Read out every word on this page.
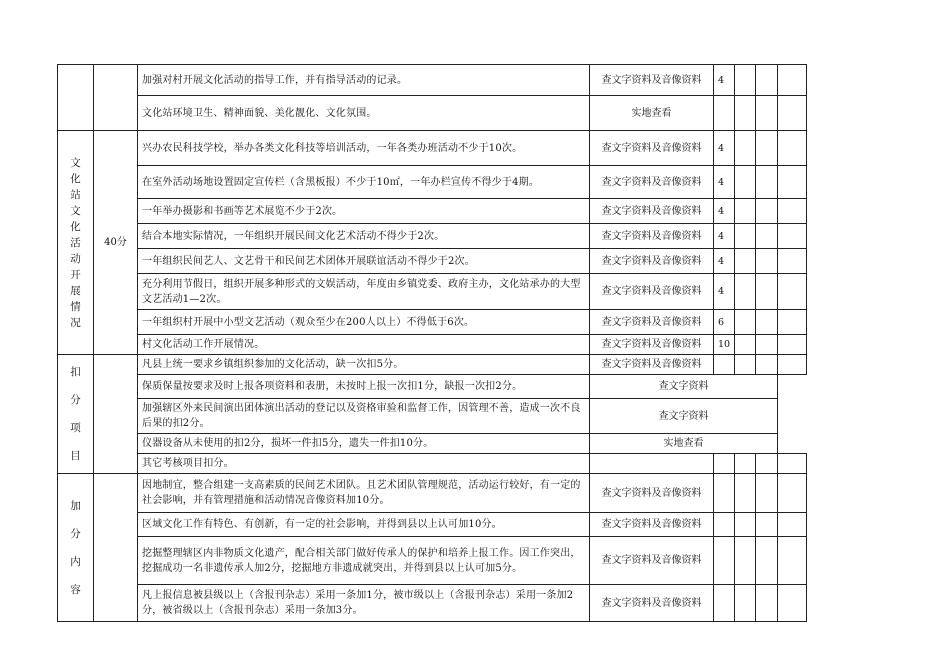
		加强对村开展文化活动的指导工作，并有指导活动的记录。	查文字资料及音像资料	4			
		文化站环境卫生、精神面貌、美化靓化、文化氛围。	实地查看				

文化站文化活动开展情况	40分	兴办农民科技学校，举办各类文化科技等培训活动，一年各类办班活动不少于10次。	查文字资料及音像资料	4			
		在室外活动场地设置固定宣传栏（含黑板报）不少于10㎡，一年办栏宣传不得少于4期。	查文字资料及音像资料	4			
		一年举办摄影和书画等艺术展览不少于2次。	查文字资料及音像资料	4			
		结合本地实际情况，一年组织开展民间文化艺术活动不得少于2次。	查文字资料及音像资料	4			
		一年组织民间艺人、文艺骨干和民间艺术团体开展联谊活动不得少于2次。	查文字资料及音像资料	4			
		充分利用节假日，组织开展多种形式的文娱活动，年度由乡镇党委、政府主办，文化站承办的大型文艺活动1—2次。	查文字资料及音像资料	4			
		一年组织村开展中小型文艺活动（观众至少在200人以上）不得低于6次。	查文字资料及音像资料	6			
		村文化活动工作开展情况。	查文字资料及音像资料	10			

扣分项目		凡县上统一要求乡镇组织参加的文化活动，缺一次扣5分。	查文字资料及音像资料				
		保质保量按要求及时上报各项资料和表册，未按时上报一次扣1分，缺报一次扣2分。	查文字资料				
		加强辖区外来民间演出团体演出活动的登记以及资格审验和监督工作，因管理不善，造成一次不良后果的扣2分。	查文字资料				
		仪器设备从未使用的扣2分，损坏一件扣5分，遗失一件扣10分。	实地查看				
		其它考核项目扣分。					

加分内容		因地制宜，整合组建一支高素质的民间艺术团队。且艺术团队管理规范，活动运行较好，有一定的社会影响，并有管理措施和活动情况音像资料加10分。	查文字资料及音像资料				
		区域文化工作有特色、有创新，有一定的社会影响，并得到县以上认可加10分。	查文字资料及音像资料				
		挖掘整理辖区内非物质文化遗产，配合相关部门做好传承人的保护和培养上报工作。因工作突出，挖掘成功一名非遗传承人加2分，挖掘地方非遗成就突出，并得到县以上认可加5分。	查文字资料及音像资料				
		凡上报信息被县级以上（含报刊杂志）采用一条加1分，被市级以上（含报刊杂志）采用一条加2分，被省级以上（含报刊杂志）采用一条加3分。	查文字资料及音像资料				
